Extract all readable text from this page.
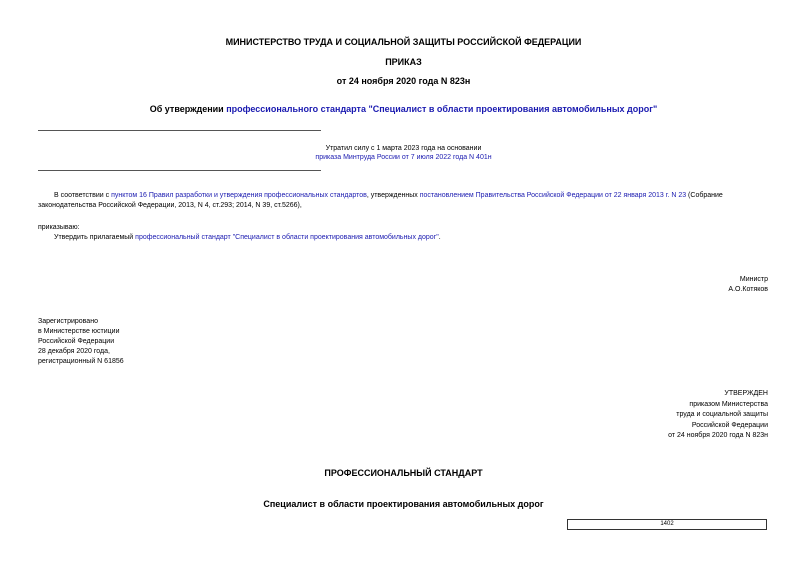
МИНИСТЕРСТВО ТРУДА И СОЦИАЛЬНОЙ ЗАЩИТЫ РОССИЙСКОЙ ФЕДЕРАЦИИ
ПРИКАЗ
от 24 ноября 2020 года N 823н
Об утверждении профессионального стандарта "Специалист в области проектирования автомобильных дорог"
Утратил силу с 1 марта 2023 года на основании
приказа Минтруда России от 7 июля 2022 года N 401н
В соответствии с пунктом 16 Правил разработки и утверждения профессиональных стандартов, утвержденных постановлением Правительства Российской Федерации от 22 января 2013 г. N 23 (Собрание
законодательства Российской Федерации, 2013, N 4, ст.293; 2014, N 39, ст.5266),
приказываю:
Утвердить прилагаемый профессиональный стандарт "Специалист в области проектирования автомобильных дорог".
Министр
А.О.Котяков
Зарегистрировано
в Министерстве юстиции
Российской Федерации
28 декабря 2020 года,
регистрационный N 61856
УТВЕРЖДЕН
приказом Министерства
труда и социальной защиты
Российской Федерации
от 24 ноября 2020 года N 823н
ПРОФЕССИОНАЛЬНЫЙ СТАНДАРТ
Специалист в области проектирования автомобильных дорог
1402
